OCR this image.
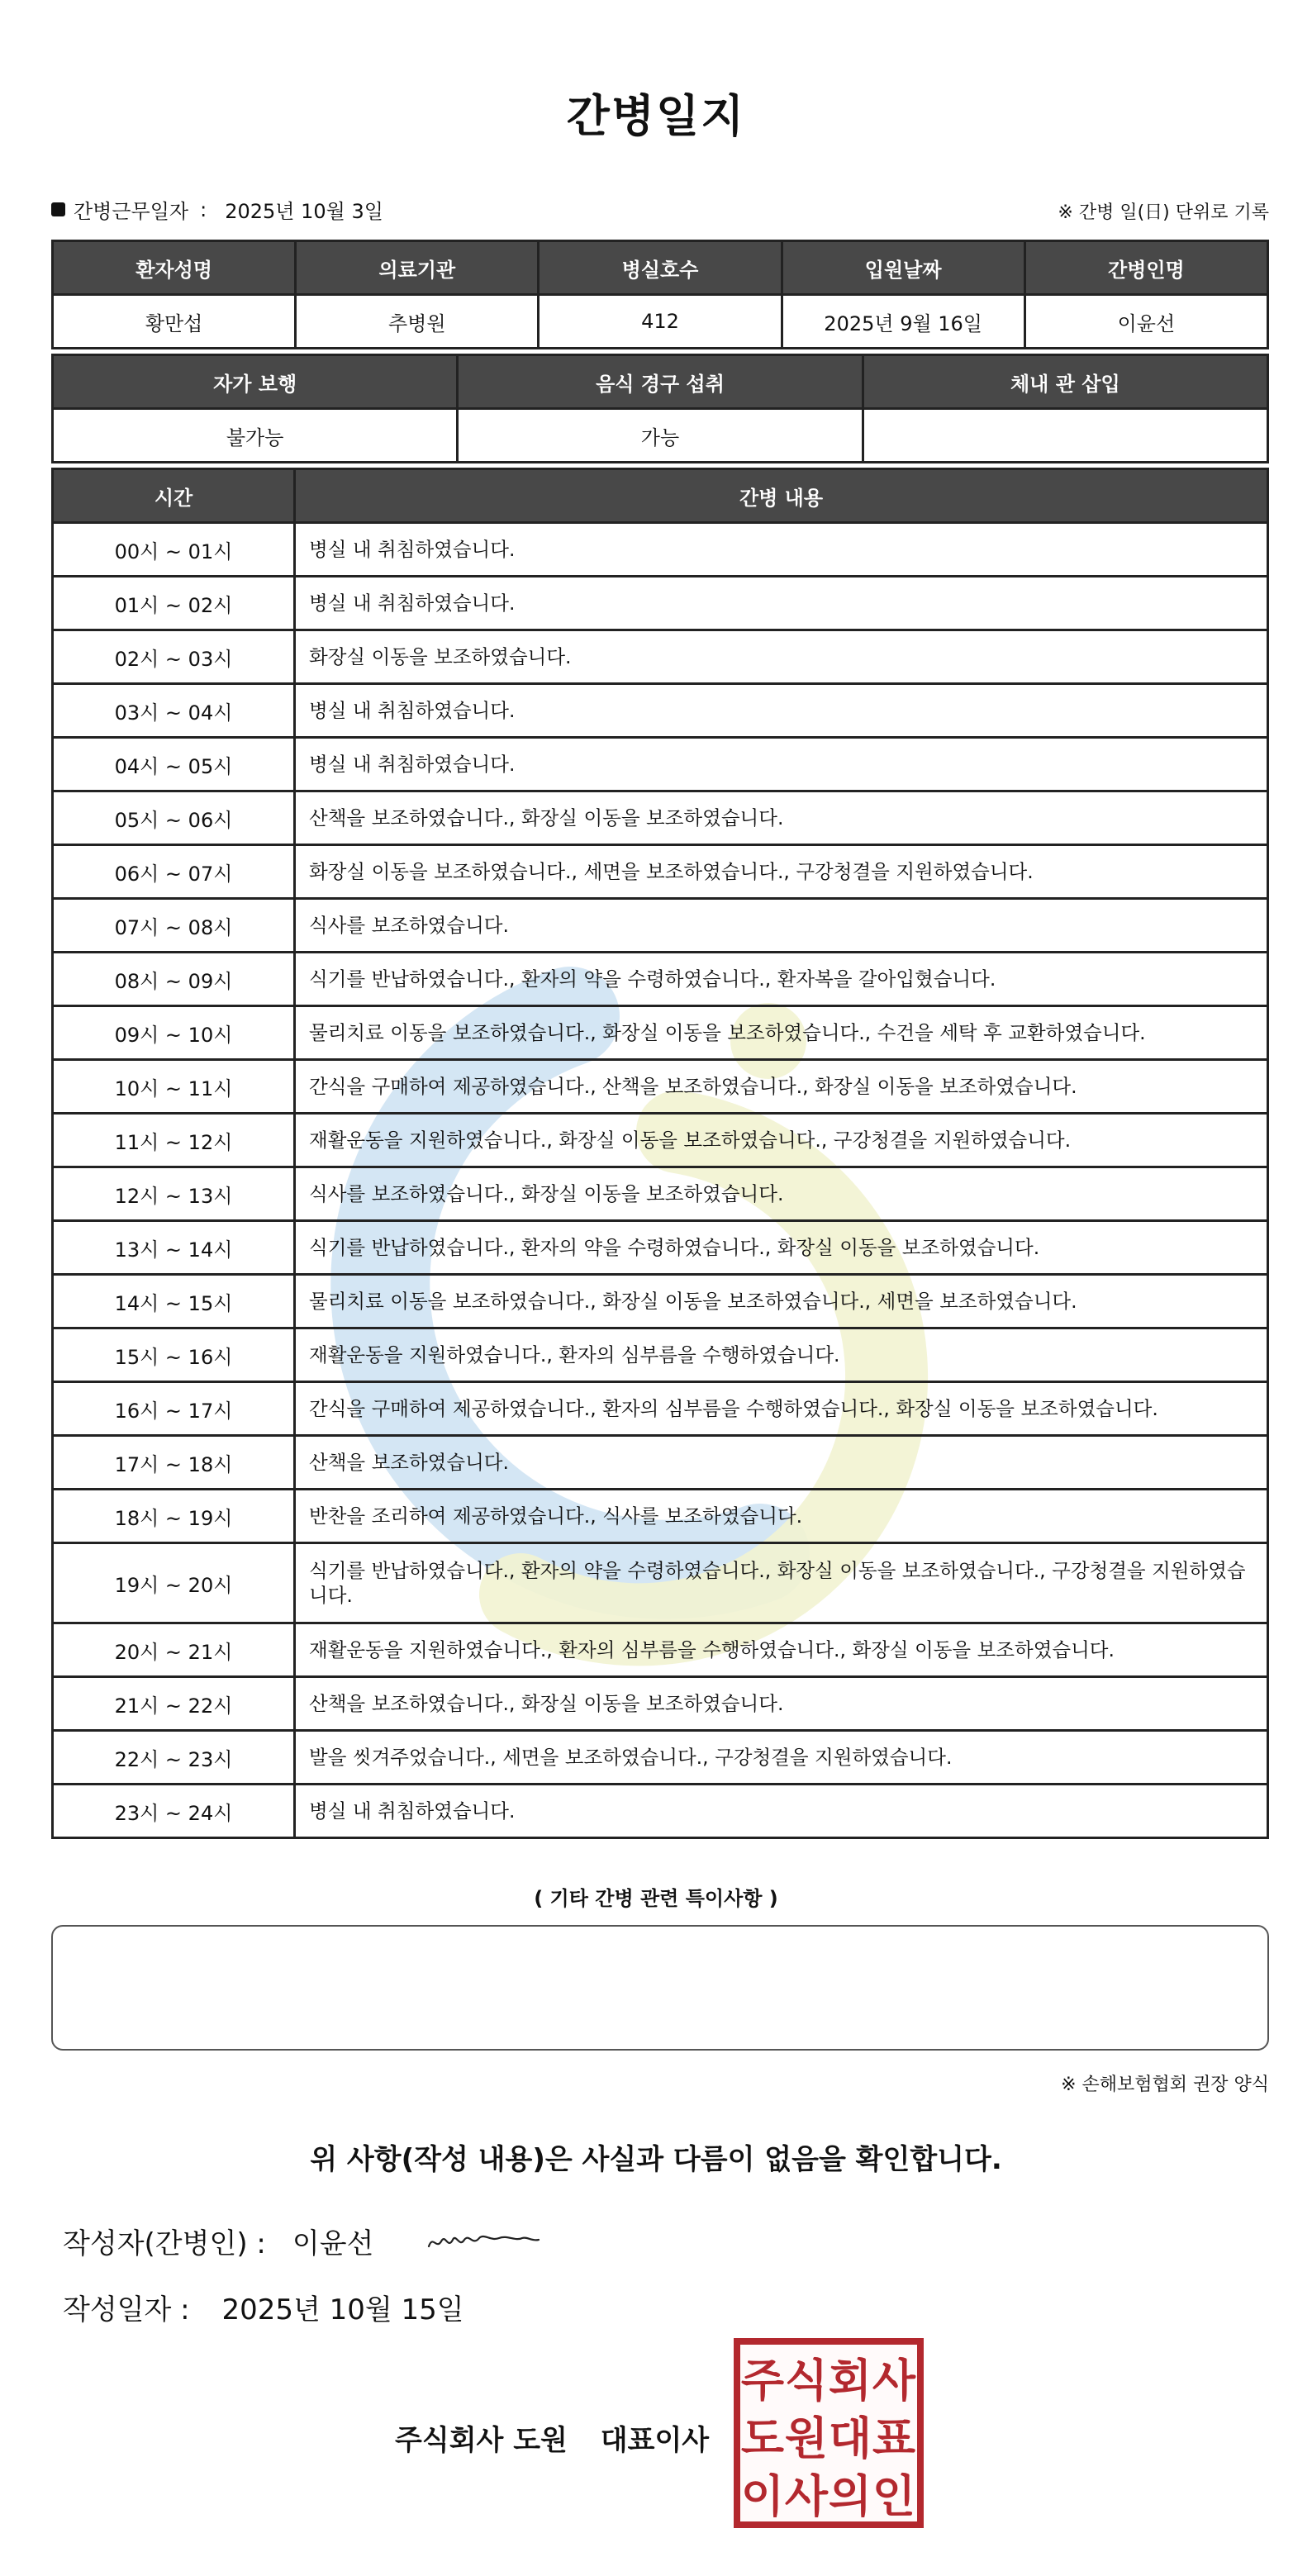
간병일지
간병근무일자 : 2025년 10월 3일	※ 간병 일(日) 단위로 기록
환자성명	의료기관	병실호수	입원날짜	간병인명
황만섭	추병원	412	2025년 9월 16일	이윤선
자가 보행	음식 경구 섭취	체내 관 삽입
불가능	가능	
시간	간병 내용
00시 ~ 01시	병실 내 취침하였습니다.
01시 ~ 02시	병실 내 취침하였습니다.
02시 ~ 03시	화장실 이동을 보조하였습니다.
03시 ~ 04시	병실 내 취침하였습니다.
04시 ~ 05시	병실 내 취침하였습니다.
05시 ~ 06시	산책을 보조하였습니다., 화장실 이동을 보조하였습니다.
06시 ~ 07시	화장실 이동을 보조하였습니다., 세면을 보조하였습니다., 구강청결을 지원하였습니다.
07시 ~ 08시	식사를 보조하였습니다.
08시 ~ 09시	식기를 반납하였습니다., 환자의 약을 수령하였습니다., 환자복을 갈아입혔습니다.
09시 ~ 10시	물리치료 이동을 보조하였습니다., 화장실 이동을 보조하였습니다., 수건을 세탁 후 교환하였습니다.
10시 ~ 11시	간식을 구매하여 제공하였습니다., 산책을 보조하였습니다., 화장실 이동을 보조하였습니다.
11시 ~ 12시	재활운동을 지원하였습니다., 화장실 이동을 보조하였습니다., 구강청결을 지원하였습니다.
12시 ~ 13시	식사를 보조하였습니다., 화장실 이동을 보조하였습니다.
13시 ~ 14시	식기를 반납하였습니다., 환자의 약을 수령하였습니다., 화장실 이동을 보조하였습니다.
14시 ~ 15시	물리치료 이동을 보조하였습니다., 화장실 이동을 보조하였습니다., 세면을 보조하였습니다.
15시 ~ 16시	재활운동을 지원하였습니다., 환자의 심부름을 수행하였습니다.
16시 ~ 17시	간식을 구매하여 제공하였습니다., 환자의 심부름을 수행하였습니다., 화장실 이동을 보조하였습니다.
17시 ~ 18시	산책을 보조하였습니다.
18시 ~ 19시	반찬을 조리하여 제공하였습니다., 식사를 보조하였습니다.
19시 ~ 20시	식기를 반납하였습니다., 환자의 약을 수령하였습니다., 화장실 이동을 보조하였습니다., 구강청결을 지원하였습니다.
20시 ~ 21시	재활운동을 지원하였습니다., 환자의 심부름을 수행하였습니다., 화장실 이동을 보조하였습니다.
21시 ~ 22시	산책을 보조하였습니다., 화장실 이동을 보조하였습니다.
22시 ~ 23시	발을 씻겨주었습니다., 세면을 보조하였습니다., 구강청결을 지원하였습니다.
23시 ~ 24시	병실 내 취침하였습니다.
( 기타 간병 관련 특이사항 )
※ 손해보험협회 권장 양식
위 사항(작성 내용)은 사실과 다름이 없음을 확인합니다.
작성자(간병인) : 이윤선
작성일자 : 2025년 10월 15일
주식회사 도원 대표이사
주 식 회 사
도 원 대 표
이 사 의 인
